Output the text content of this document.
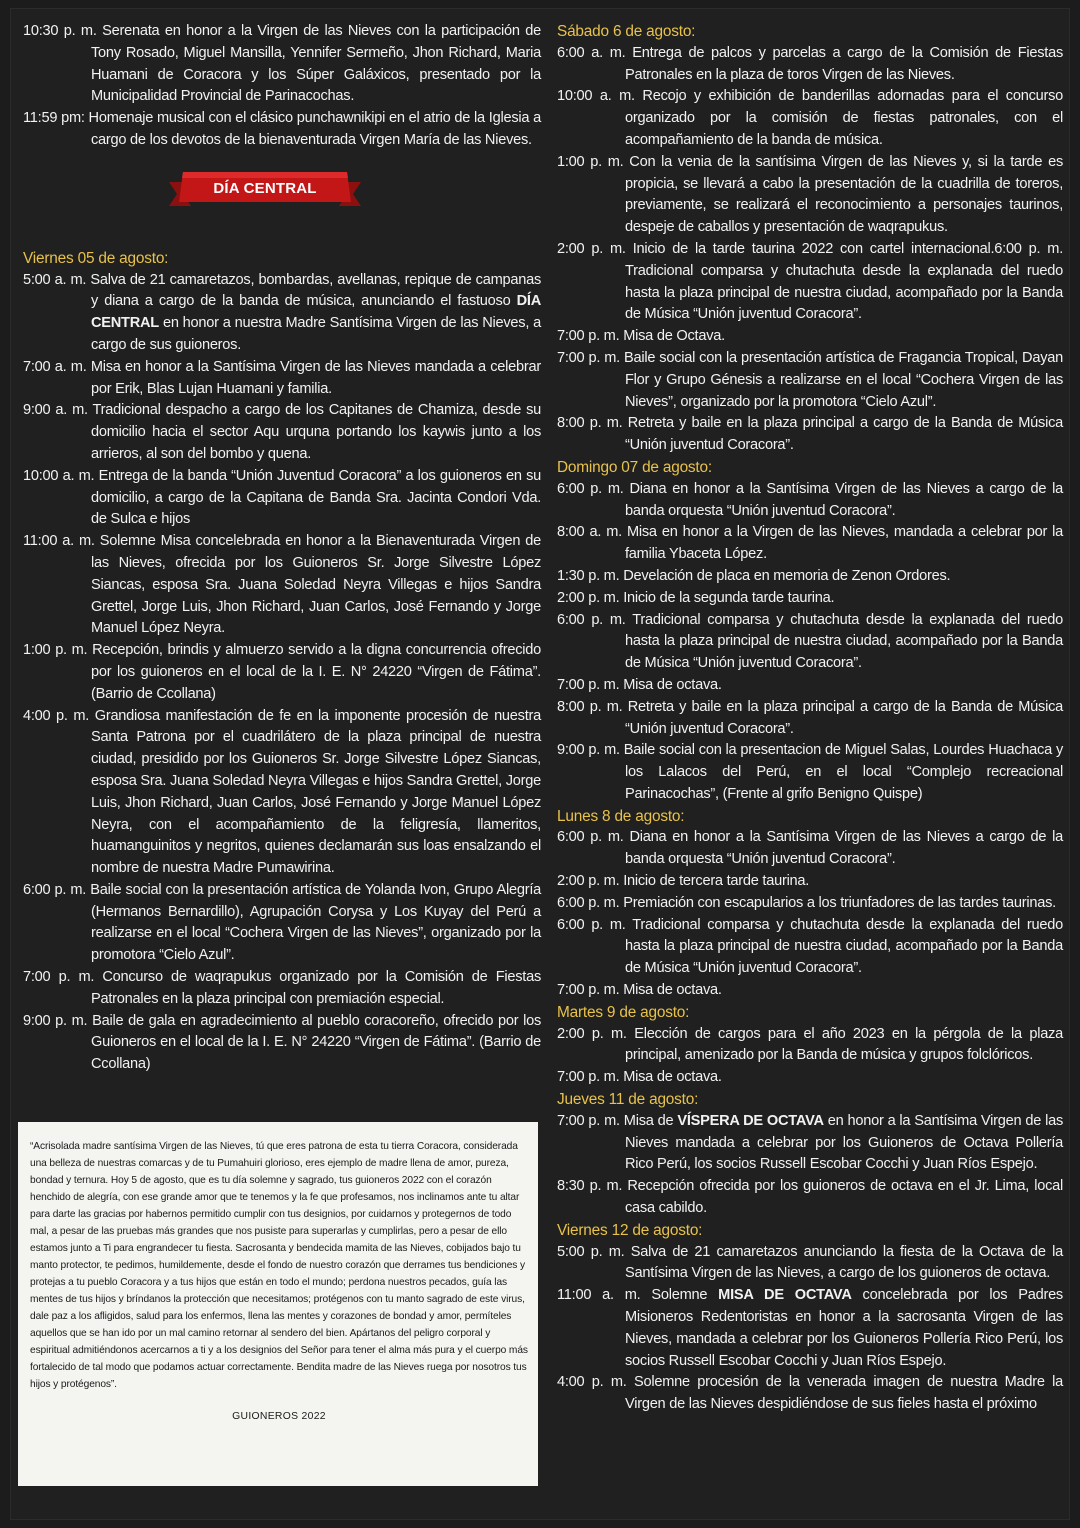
10:30 p. m. Serenata en honor a la Virgen de las Nieves con la participación de Tony Rosado, Miguel Mansilla, Yennifer Sermeño, Jhon Richard, Maria Huamani de Coracora y los Súper Galáxicos, presentado por la Municipalidad Provincial de Parinacochas.

11:59 pm: Homenaje musical con el clásico punchawnikipi en el atrio de la Iglesia a cargo de los devotos de la bienaventurada Virgen María de las Nieves.

DÍA CENTRAL

Viernes 05 de agosto:

5:00 a. m. Salva de 21 camaretazos, bombardas, avellanas, repique de campanas y diana a cargo de la banda de música, anunciando el fastuoso DÍA CENTRAL en honor a nuestra Madre Santísima Virgen de las Nieves, a cargo de sus guioneros.

7:00 a. m. Misa en honor a la Santísima Virgen de las Nieves mandada a celebrar por Erik, Blas Lujan Huamani y familia.

9:00 a. m. Tradicional despacho a cargo de los Capitanes de Chamiza, desde su domicilio hacia el sector Aqu urquna portando los kaywis junto a los arrieros, al son del bombo y quena.

10:00 a. m. Entrega de la banda “Unión Juventud Coracora” a los guioneros en su domicilio, a cargo de la Capitana de Banda Sra. Jacinta Condori Vda. de Sulca e hijos

11:00 a. m. Solemne Misa concelebrada en honor a la Bienaventurada Virgen de las Nieves, ofrecida por los Guioneros Sr. Jorge Silvestre López Siancas, esposa Sra. Juana Soledad Neyra Villegas e hijos Sandra Grettel, Jorge Luis, Jhon Richard, Juan Carlos, José Fernando y Jorge Manuel López Neyra.

1:00 p. m. Recepción, brindis y almuerzo servido a la digna concurrencia ofrecido por los guioneros en el local de la I. E. N° 24220 “Virgen de Fátima”. (Barrio de Ccollana)

4:00 p. m. Grandiosa manifestación de fe en la imponente procesión de nuestra Santa Patrona por el cuadrilátero de la plaza principal de nuestra ciudad, presidido por los Guioneros Sr. Jorge Silvestre López Siancas, esposa Sra. Juana Soledad Neyra Villegas e hijos Sandra Grettel, Jorge Luis, Jhon Richard, Juan Carlos, José Fernando y Jorge Manuel López Neyra, con el acompañamiento de la feligresía, llameritos, huamanguinitos y negritos, quienes declamarán sus loas ensalzando el nombre de nuestra Madre Pumawirina.

6:00 p. m. Baile social con la presentación artística de Yolanda Ivon, Grupo Alegría (Hermanos Bernardillo), Agrupación Corysa y Los Kuyay del Perú a realizarse en el local “Cochera Virgen de las Nieves”, organizado por la promotora “Cielo Azul”.

7:00 p. m. Concurso de waqrapukus organizado por la Comisión de Fiestas Patronales en la plaza principal con premiación especial.

9:00 p. m. Baile de gala en agradecimiento al pueblo coracoreño, ofrecido por los Guioneros en el local de la I. E. N° 24220 “Virgen de Fátima”. (Barrio de Ccollana)

Sábado 6 de agosto:

6:00 a. m. Entrega de palcos y parcelas a cargo de la Comisión de Fiestas Patronales en la plaza de toros Virgen de las Nieves.

10:00 a. m. Recojo y exhibición de banderillas adornadas para el concurso organizado por la comisión de fiestas patronales, con el acompañamiento de la banda de música.

1:00 p. m. Con la venia de la santísima Virgen de las Nieves y, si la tarde es propicia, se llevará a cabo la presentación de la cuadrilla de toreros, previamente, se realizará el reconocimiento a personajes taurinos, despeje de caballos y presentación de waqrapukus.

2:00 p. m. Inicio de la tarde taurina 2022 con cartel internacional.6:00 p. m. Tradicional comparsa y chutachuta desde la explanada del ruedo hasta la plaza principal de nuestra ciudad, acompañado por la Banda de Música “Unión juventud Coracora”.

7:00 p. m. Misa de Octava.

7:00 p. m. Baile social con la presentación artística de Fragancia Tropical, Dayan Flor y Grupo Génesis a realizarse en el local “Cochera Virgen de las Nieves”, organizado por la promotora “Cielo Azul”.

8:00 p. m. Retreta y baile en la plaza principal a cargo de la Banda de Música “Unión juventud Coracora”.

Domingo 07 de agosto:

6:00 p. m. Diana en honor a la Santísima Virgen de las Nieves a cargo de la banda orquesta “Unión juventud Coracora”.

8:00 a. m. Misa en honor a la Virgen de las Nieves, mandada a celebrar por la familia Ybaceta López.

1:30 p. m. Develación de placa en memoria de Zenon Ordores.

2:00 p. m. Inicio de la segunda tarde taurina.

6:00 p. m. Tradicional comparsa y chutachuta desde la explanada del ruedo hasta la plaza principal de nuestra ciudad, acompañado por la Banda de Música “Unión juventud Coracora”.

7:00 p. m. Misa de octava.

8:00 p. m. Retreta y baile en la plaza principal a cargo de la Banda de Música “Unión juventud Coracora”.

9:00 p. m. Baile social con la presentacion de Miguel Salas, Lourdes Huachaca y los Lalacos del Perú, en el local “Complejo recreacional Parinacochas”, (Frente al grifo Benigno Quispe)

Lunes 8 de agosto:

6:00 p. m. Diana en honor a la Santísima Virgen de las Nieves a cargo de la banda orquesta “Unión juventud Coracora”.

2:00 p. m. Inicio de tercera tarde taurina.

6:00 p. m. Premiación con escapularios a los triunfadores de las tardes taurinas.

6:00 p. m. Tradicional comparsa y chutachuta desde la explanada del ruedo hasta la plaza principal de nuestra ciudad, acompañado por la Banda de Música “Unión juventud Coracora”.

7:00 p. m. Misa de octava.

Martes 9 de agosto:

2:00 p. m. Elección de cargos para el año 2023 en la pérgola de la plaza principal, amenizado por la Banda de música y grupos folclóricos.

7:00 p. m. Misa de octava.

Jueves 11 de agosto:

7:00 p. m. Misa de VÍSPERA DE OCTAVA en honor a la Santísima Virgen de las Nieves mandada a celebrar por los Guioneros de Octava Pollería Rico Perú, los socios Russell Escobar Cocchi y Juan Ríos Espejo.

8:30 p. m. Recepción ofrecida por los guioneros de octava en el Jr. Lima, local casa cabildo.

Viernes 12 de agosto:

5:00 p. m. Salva de 21 camaretazos anunciando la fiesta de la Octava de la Santísima Virgen de las Nieves, a cargo de los guioneros de octava.

11:00 a. m. Solemne MISA DE OCTAVA concelebrada por los Padres Misioneros Redentoristas en honor a la sacrosanta Virgen de las Nieves, mandada a celebrar por los Guioneros Pollería Rico Perú, los socios Russell Escobar Cocchi y Juan Ríos Espejo.

4:00 p. m. Solemne procesión de la venerada imagen de nuestra Madre la Virgen de las Nieves despidiéndose de sus fieles hasta el próximo

“Acrisolada madre santísima Virgen de las Nieves, tú que eres patrona de esta tu tierra Coracora, considerada una belleza de nuestras comarcas y de tu Pumahuiri glorioso, eres ejemplo de madre llena de amor, pureza, bondad y ternura. Hoy 5 de agosto, que es tu día solemne y sagrado, tus guioneros 2022 con el corazón henchido de alegría, con ese grande amor que te tenemos y la fe que profesamos, nos inclinamos ante tu altar para darte las gracias por habernos permitido cumplir con tus designios, por cuidarnos y protegernos de todo mal, a pesar de las pruebas más grandes que nos pusiste para superarlas y cumplirlas, pero a pesar de ello estamos junto a Ti para engrandecer tu fiesta. Sacrosanta y bendecida mamita de las Nieves, cobijados bajo tu manto protector, te pedimos, humildemente, desde el fondo de nuestro corazón que derrames tus bendiciones y protejas a tu pueblo Coracora y a tus hijos que están en todo el mundo; perdona nuestros pecados, guía las mentes de tus hijos y bríndanos la protección que necesitamos; protégenos con tu manto sagrado de este virus, dale paz a los afligidos, salud para los enfermos, llena las mentes y corazones de bondad y amor, permíteles aquellos que se han ido por un mal camino retornar al sendero del bien. Apártanos del peligro corporal y espiritual admitiéndonos acercarnos a ti y a los designios del Señor para tener el alma más pura y el cuerpo más fortalecido de tal modo que podamos actuar correctamente. Bendita madre de las Nieves ruega por nosotros tus hijos y protégenos”.

GUIONEROS 2022
